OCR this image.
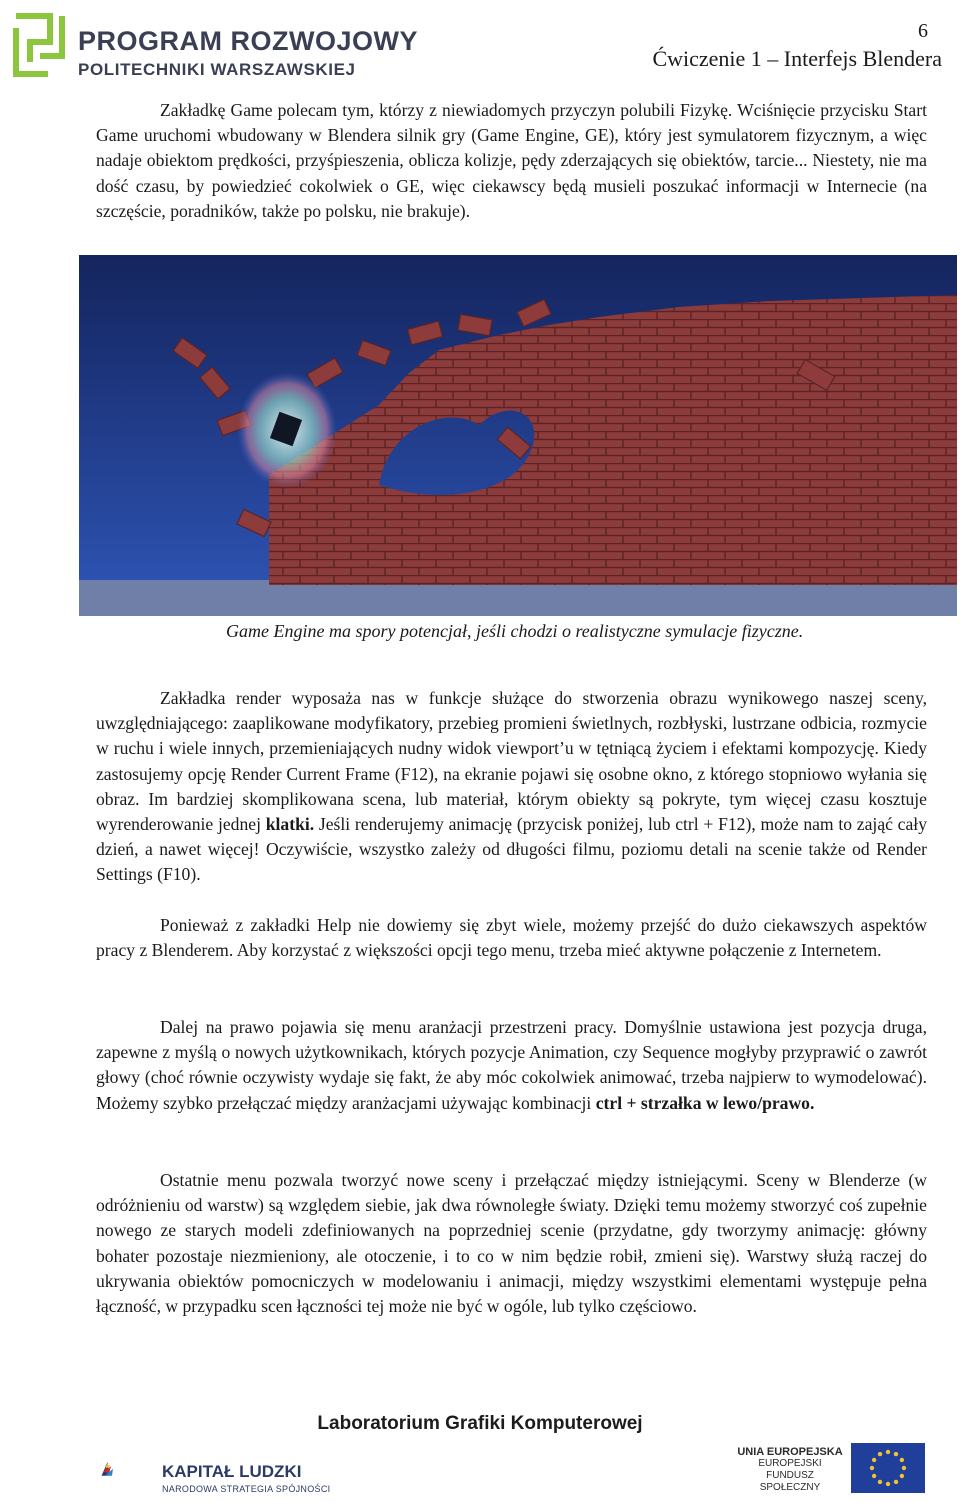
PROGRAM ROZWOJOWY
POLITECHNIKI WARSZAWSKIEJ
6
Ćwiczenie 1 – Interfejs Blendera

Zakładkę Game polecam tym, którzy z niewiadomych przyczyn polubili Fizykę. Wciśnięcie przycisku Start Game uruchomi wbudowany w Blendera silnik gry (Game Engine, GE), który jest symulatorem fizycznym, a więc nadaje obiektom prędkości, przyśpieszenia, oblicza kolizje, pędy zderzających się obiektów, tarcie... Niestety, nie ma dość czasu, by powiedzieć cokolwiek o GE, więc ciekawscy będą musieli poszukać informacji w Internecie (na szczęście, poradników, także po polsku, nie brakuje).

Game Engine ma spory potencjał, jeśli chodzi o realistyczne symulacje fizyczne.

Zakładka render wyposaża nas w funkcje służące do stworzenia obrazu wynikowego naszej sceny, uwzględniającego: zaaplikowane modyfikatory, przebieg promieni świetlnych, rozbłyski, lustrzane odbicia, rozmycie w ruchu i wiele innych, przemieniających nudny widok viewport’u w tętniącą życiem i efektami kompozycję. Kiedy zastosujemy opcję Render Current Frame (F12), na ekranie pojawi się osobne okno, z którego stopniowo wyłania się obraz. Im bardziej skomplikowana scena, lub materiał, którym obiekty są pokryte, tym więcej czasu kosztuje wyrenderowanie jednej klatki. Jeśli renderujemy animację (przycisk poniżej, lub ctrl + F12), może nam to zająć cały dzień, a nawet więcej! Oczywiście, wszystko zależy od długości filmu, poziomu detali na scenie także od Render Settings (F10).

Ponieważ z zakładki Help nie dowiemy się zbyt wiele, możemy przejść do dużo ciekawszych aspektów pracy z Blenderem. Aby korzystać z większości opcji tego menu, trzeba mieć aktywne połączenie z Internetem.

Dalej na prawo pojawia się menu aranżacji przestrzeni pracy. Domyślnie ustawiona jest pozycja druga, zapewne z myślą o nowych użytkownikach, których pozycje Animation, czy Sequence mogłyby przyprawić o zawrót głowy (choć równie oczywisty wydaje się fakt, że aby móc cokolwiek animować, trzeba najpierw to wymodelować). Możemy szybko przełączać między aranżacjami używając kombinacji ctrl + strzałka w lewo/prawo.

Ostatnie menu pozwala tworzyć nowe sceny i przełączać między istniejącymi. Sceny w Blenderze (w odróżnieniu od warstw) są względem siebie, jak dwa równoległe światy. Dzięki temu możemy stworzyć coś zupełnie nowego ze starych modeli zdefiniowanych na poprzedniej scenie (przydatne, gdy tworzymy animację: główny bohater pozostaje niezmieniony, ale otoczenie, i to co w nim będzie robił, zmieni się). Warstwy służą raczej do ukrywania obiektów pomocniczych w modelowaniu i animacji, między wszystkimi elementami występuje pełna łączność, w przypadku scen łączności tej może nie być w ogóle, lub tylko częściowo.

Laboratorium Grafiki Komputerowej
KAPITAŁ LUDZKI
NARODOWA STRATEGIA SPÓJNOŚCI
UNIA EUROPEJSKA
EUROPEJSKI
FUNDUSZ SPOŁECZNY
